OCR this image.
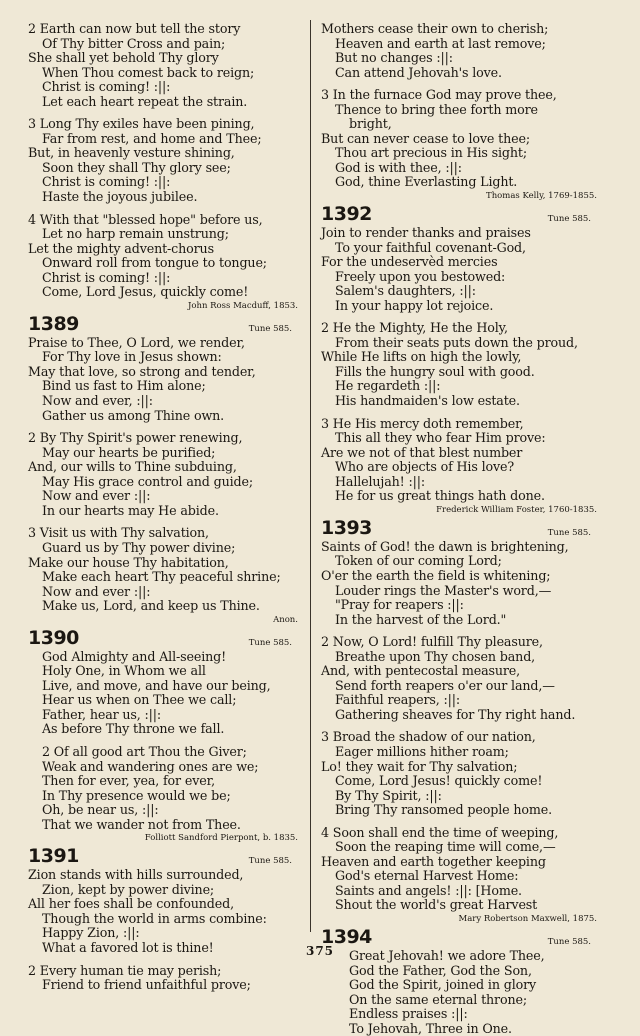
2 Earth can now but tell the story
Of Thy bitter Cross and pain;
She shall yet behold Thy glory
When Thou comest back to reign;
Christ is coming! :||:
Let each heart repeat the strain.
3 Long Thy exiles have been pining,
Far from rest, and home and Thee;
But, in heavenly vesture shining,
Soon they shall Thy glory see;
Christ is coming! :||:
Haste the joyous jubilee.
4 With that "blessed hope" before us,
Let no harp remain unstrung;
Let the mighty advent-chorus
Onward roll from tongue to tongue;
Christ is coming! :||:
Come, Lord Jesus, quickly come!
John Ross Macduff, 1853.
1389	Tune 585.
Praise to Thee, O Lord, we render,
For Thy love in Jesus shown:
May that love, so strong and tender,
Bind us fast to Him alone;
Now and ever, :||:
Gather us among Thine own.
2 By Thy Spirit's power renewing,
May our hearts be purified;
And, our wills to Thine subduing,
May His grace control and guide;
Now and ever :||:
In our hearts may He abide.
3 Visit us with Thy salvation,
Guard us by Thy power divine;
Make our house Thy habitation,
Make each heart Thy peaceful shrine;
Now and ever :||:
Make us, Lord, and keep us Thine.
Anon.
1390	Tune 585.
God Almighty and All-seeing!
Holy One, in Whom we all
Live, and move, and have our being,
Hear us when on Thee we call;
Father, hear us, :||:
As before Thy throne we fall.
2 Of all good art Thou the Giver;
Weak and wandering ones are we;
Then for ever, yea, for ever,
In Thy presence would we be;
Oh, be near us, :||:
That we wander not from Thee.
Folliott Sandford Pierpont, b. 1835.
1391	Tune 585.
Zion stands with hills surrounded,
Zion, kept by power divine;
All her foes shall be confounded,
Though the world in arms combine:
Happy Zion, :||:
What a favored lot is thine!
2 Every human tie may perish;
Friend to friend unfaithful prove;
Mothers cease their own to cherish;
Heaven and earth at last remove;
But no changes :||:
Can attend Jehovah's love.
3 In the furnace God may prove thee,
Thence to bring thee forth more
bright,
But can never cease to love thee;
Thou art precious in His sight;
God is with thee, :||:
God, thine Everlasting Light.
Thomas Kelly, 1769-1855.
1392	Tune 585.
Join to render thanks and praises
To your faithful covenant-God,
For the undeservèd mercies
Freely upon you bestowed:
Salem's daughters, :||:
In your happy lot rejoice.
2 He the Mighty, He the Holy,
From their seats puts down the proud,
While He lifts on high the lowly,
Fills the hungry soul with good.
He regardeth :||:
His handmaiden's low estate.
3 He His mercy doth remember,
This all they who fear Him prove:
Are we not of that blest number
Who are objects of His love?
Hallelujah! :||:
He for us great things hath done.
Frederick William Foster, 1760-1835.
1393	Tune 585.
Saints of God! the dawn is brightening,
Token of our coming Lord;
O'er the earth the field is whitening;
Louder rings the Master's word,—
"Pray for reapers :||:
In the harvest of the Lord."
2 Now, O Lord! fulfill Thy pleasure,
Breathe upon Thy chosen band,
And, with pentecostal measure,
Send forth reapers o'er our land,—
Faithful reapers, :||:
Gathering sheaves for Thy right hand.
3 Broad the shadow of our nation,
Eager millions hither roam;
Lo! they wait for Thy salvation;
Come, Lord Jesus! quickly come!
By Thy Spirit, :||:
Bring Thy ransomed people home.
4 Soon shall end the time of weeping,
Soon the reaping time will come,—
Heaven and earth together keeping
God's eternal Harvest Home:
Saints and angels! :||: [Home.
Shout the world's great Harvest
Mary Robertson Maxwell, 1875.
1394	Tune 585.
Great Jehovah! we adore Thee,
God the Father, God the Son,
God the Spirit, joined in glory
On the same eternal throne;
Endless praises :||:
To Jehovah, Three in One.
375
